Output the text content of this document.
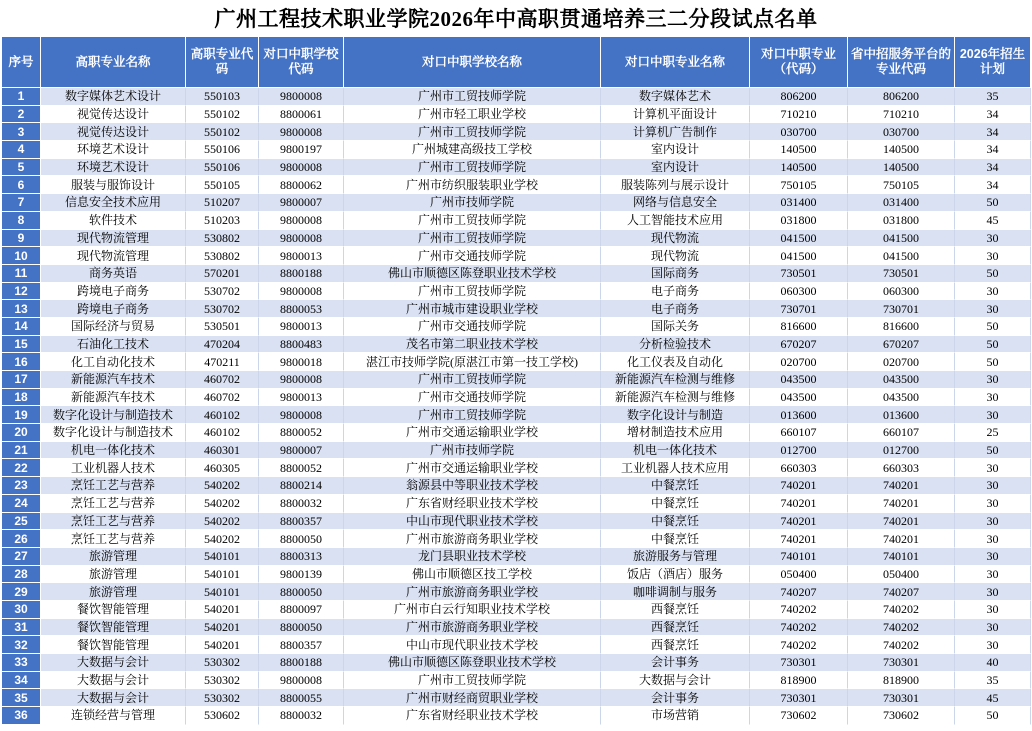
广州工程技术职业学院2026年中高职贯通培养三二分段试点名单
序号	高职专业名称	高职专业代码	对口中职学校代码	对口中职学校名称	对口中职专业名称	对口中职专业（代码）	省中招服务平台的专业代码	2026年招生计划
1	数字媒体艺术设计	550103	9800008	广州市工贸技师学院	数字媒体艺术	806200	806200	35
2	视觉传达设计	550102	8800061	广州市轻工职业学校	计算机平面设计	710210	710210	34
3	视觉传达设计	550102	9800008	广州市工贸技师学院	计算机广告制作	030700	030700	34
4	环境艺术设计	550106	9800197	广州城建高级技工学校	室内设计	140500	140500	34
5	环境艺术设计	550106	9800008	广州市工贸技师学院	室内设计	140500	140500	34
6	服装与服饰设计	550105	8800062	广州市纺织服装职业学校	服装陈列与展示设计	750105	750105	34
7	信息安全技术应用	510207	9800007	广州市技师学院	网络与信息安全	031400	031400	50
8	软件技术	510203	9800008	广州市工贸技师学院	人工智能技术应用	031800	031800	45
9	现代物流管理	530802	9800008	广州市工贸技师学院	现代物流	041500	041500	30
10	现代物流管理	530802	9800013	广州市交通技师学院	现代物流	041500	041500	30
11	商务英语	570201	8800188	佛山市顺德区陈登职业技术学校	国际商务	730501	730501	50
12	跨境电子商务	530702	9800008	广州市工贸技师学院	电子商务	060300	060300	30
13	跨境电子商务	530702	8800053	广州市城市建设职业学校	电子商务	730701	730701	30
14	国际经济与贸易	530501	9800013	广州市交通技师学院	国际关务	816600	816600	50
15	石油化工技术	470204	8800483	茂名市第二职业技术学校	分析检验技术	670207	670207	50
16	化工自动化技术	470211	9800018	湛江市技师学院(原湛江市第一技工学校)	化工仪表及自动化	020700	020700	50
17	新能源汽车技术	460702	9800008	广州市工贸技师学院	新能源汽车检测与维修	043500	043500	30
18	新能源汽车技术	460702	9800013	广州市交通技师学院	新能源汽车检测与维修	043500	043500	30
19	数字化设计与制造技术	460102	9800008	广州市工贸技师学院	数字化设计与制造	013600	013600	30
20	数字化设计与制造技术	460102	8800052	广州市交通运输职业学校	增材制造技术应用	660107	660107	25
21	机电一体化技术	460301	9800007	广州市技师学院	机电一体化技术	012700	012700	50
22	工业机器人技术	460305	8800052	广州市交通运输职业学校	工业机器人技术应用	660303	660303	30
23	烹饪工艺与营养	540202	8800214	翁源县中等职业技术学校	中餐烹饪	740201	740201	30
24	烹饪工艺与营养	540202	8800032	广东省财经职业技术学校	中餐烹饪	740201	740201	30
25	烹饪工艺与营养	540202	8800357	中山市现代职业技术学校	中餐烹饪	740201	740201	30
26	烹饪工艺与营养	540202	8800050	广州市旅游商务职业学校	中餐烹饪	740201	740201	30
27	旅游管理	540101	8800313	龙门县职业技术学校	旅游服务与管理	740101	740101	30
28	旅游管理	540101	9800139	佛山市顺德区技工学校	饭店（酒店）服务	050400	050400	30
29	旅游管理	540101	8800050	广州市旅游商务职业学校	咖啡调制与服务	740207	740207	30
30	餐饮智能管理	540201	8800097	广州市白云行知职业技术学校	西餐烹饪	740202	740202	30
31	餐饮智能管理	540201	8800050	广州市旅游商务职业学校	西餐烹饪	740202	740202	30
32	餐饮智能管理	540201	8800357	中山市现代职业技术学校	西餐烹饪	740202	740202	30
33	大数据与会计	530302	8800188	佛山市顺德区陈登职业技术学校	会计事务	730301	730301	40
34	大数据与会计	530302	9800008	广州市工贸技师学院	大数据与会计	818900	818900	35
35	大数据与会计	530302	8800055	广州市财经商贸职业学校	会计事务	730301	730301	45
36	连锁经营与管理	530602	8800032	广东省财经职业技术学校	市场营销	730602	730602	50
